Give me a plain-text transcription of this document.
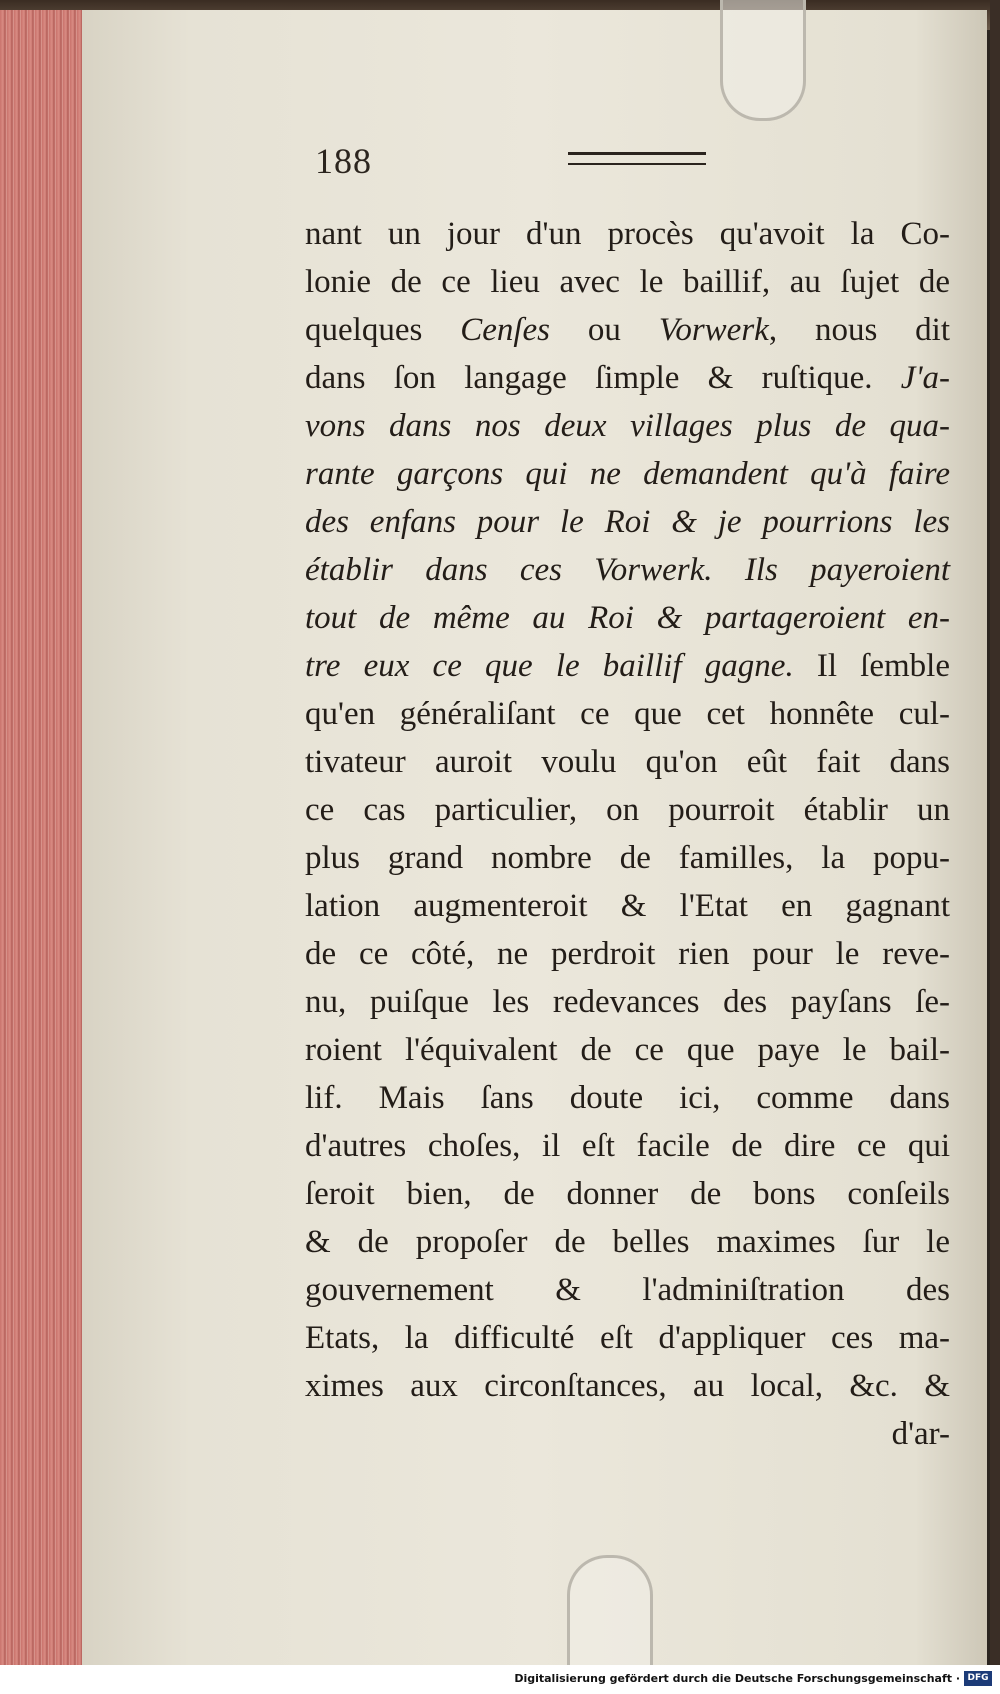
188
nant un jour d'un procès qu'avoit la Co-
lonie de ce lieu avec le baillif, au ſujet de
quelques Cenſes ou Vorwerk, nous dit
dans ſon langage ſimple & ruſtique. J'a-
vons dans nos deux villages plus de qua-
rante garçons qui ne demandent qu'à faire
des enfans pour le Roi & je pourrions les
établir dans ces Vorwerk. Ils payeroient
tout de même au Roi & partageroient en-
tre eux ce que le baillif gagne. Il ſemble
qu'en généraliſant ce que cet honnête cul-
tivateur auroit voulu qu'on eût fait dans
ce cas particulier, on pourroit établir un
plus grand nombre de familles, la popu-
lation augmenteroit & l'Etat en gagnant
de ce côté, ne perdroit rien pour le reve-
nu, puiſque les redevances des payſans ſe-
roient l'équivalent de ce que paye le bail-
lif. Mais ſans doute ici, comme dans
d'autres choſes, il eſt facile de dire ce qui
ſeroit bien, de donner de bons conſeils
& de propoſer de belles maximes ſur le
gouvernement & l'adminiſtration des
Etats, la difficulté eſt d'appliquer ces ma-
ximes aux circonſtances, au local, &c. &
d'ar-
Digitalisierung gefördert durch die Deutsche Forschungsgemeinschaft · DFG
